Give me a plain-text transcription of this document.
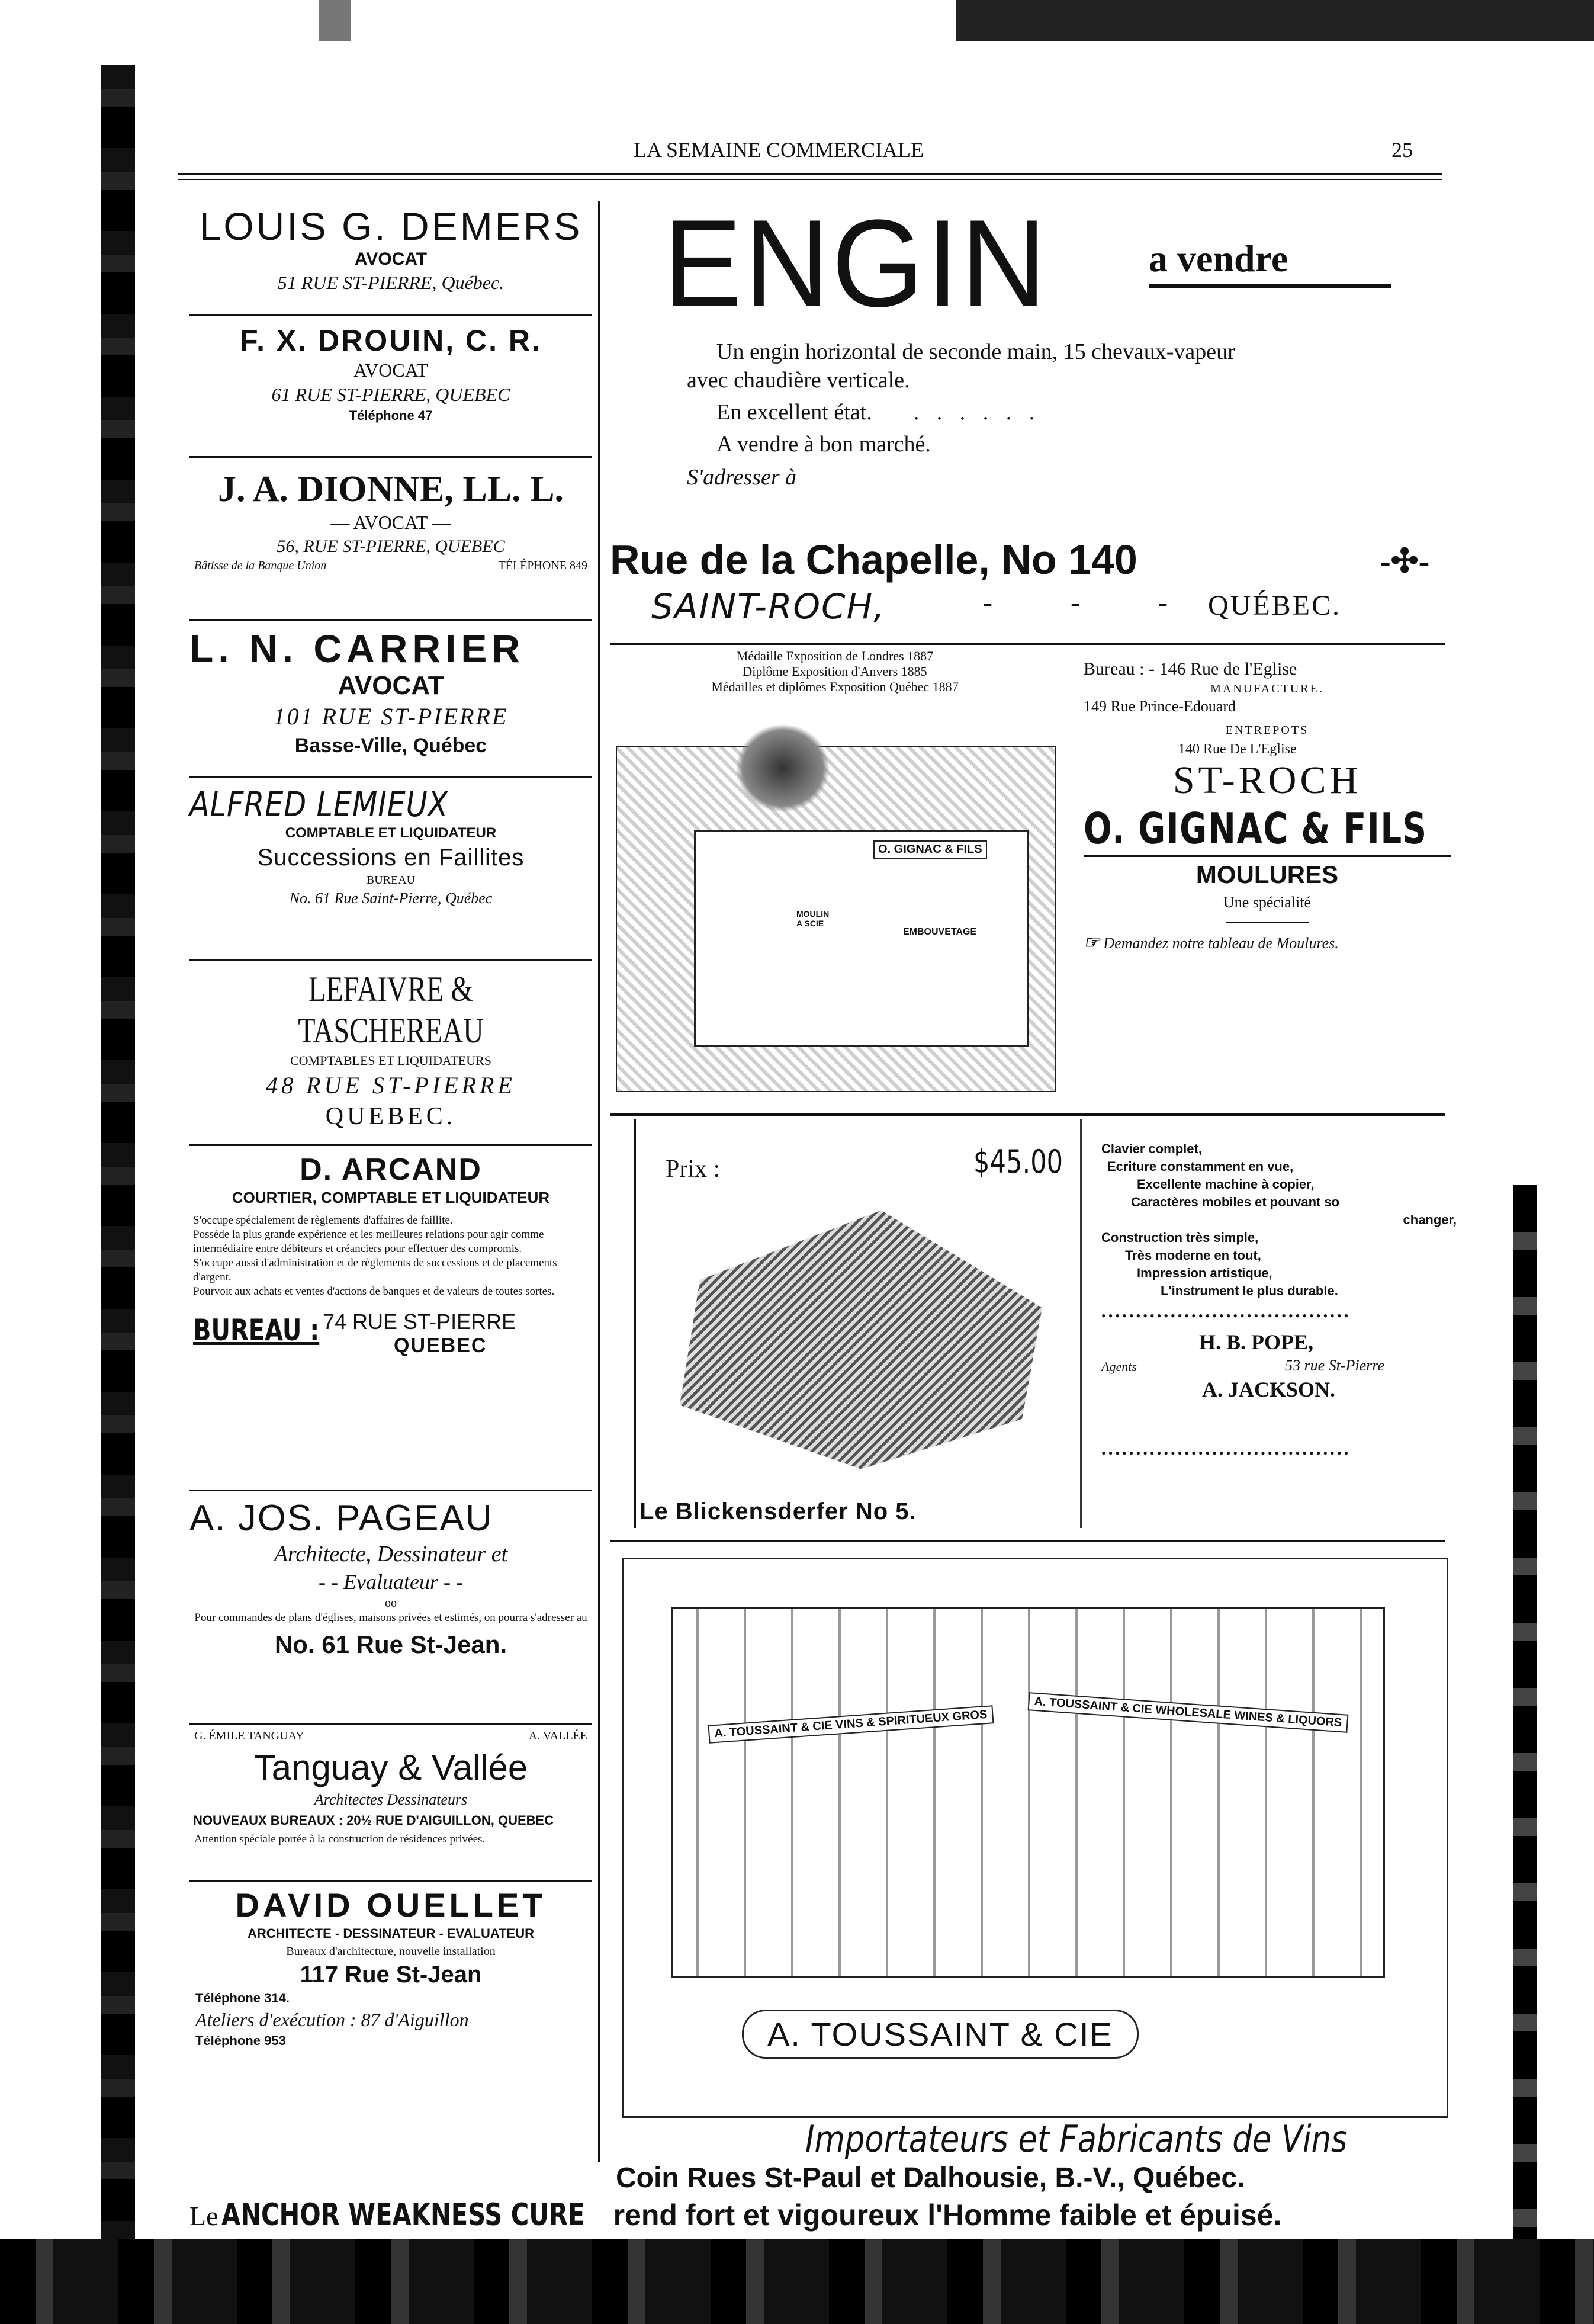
LA SEMAINE COMMERCIALE	25
LOUIS G. DEMERS
AVOCAT
51 RUE ST-PIERRE, Québec.
F. X. DROUIN, C. R.
AVOCAT
61 RUE ST-PIERRE, QUEBEC
Téléphone 47
J. A. DIONNE, LL. L.
— AVOCAT —
56, RUE ST-PIERRE, QUEBEC
Bâtisse de la Banque Union	TÉLÉPHONE 849
L. N. CARRIER
AVOCAT
101 RUE ST-PIERRE
Basse-Ville, Québec
ALFRED LEMIEUX
COMPTABLE ET LIQUIDATEUR
Successions en Faillites
BUREAU
No. 61 Rue Saint-Pierre, Québec
LEFAIVRE & TASCHEREAU
COMPTABLES ET LIQUIDATEURS
48 RUE ST-PIERRE
QUEBEC.
D. ARCAND
COURTIER, COMPTABLE ET LIQUIDATEUR
S'occupe spécialement de règlements d'affaires de faillite.
Possède la plus grande expérience et les meilleures relations pour agir comme intermédiaire entre débiteurs et créanciers pour effectuer des compromis.
S'occupe aussi d'administration et de règlements de successions et de placements d'argent.
Pourvoit aux achats et ventes d'actions de banques et de valeurs de toutes sortes.
BUREAU : 74 RUE ST-PIERRE
QUEBEC
A. JOS. PAGEAU
Architecte, Dessinateur et
- - Evaluateur - -
———oo———
Pour commandes de plans d'églises, maisons privées et estimés, on pourra s'adresser au
No. 61 Rue St-Jean.
G. ÉMILE TANGUAY	A. VALLÉE
Tanguay & Vallée
Architectes Dessinateurs
NOUVEAUX BUREAUX : 20½ RUE D'AIGUILLON, QUEBEC
Attention spéciale portée à la construction de résidences privées.
DAVID OUELLET
ARCHITECTE - DESSINATEUR - EVALUATEUR
Bureaux d'architecture, nouvelle installation
117 Rue St-Jean
Téléphone 314.
Ateliers d'exécution : 87 d'Aiguillon
Téléphone 953
ENGIN	a vendre
Un engin horizontal de seconde main, 15 chevaux-vapeur
avec chaudière verticale.
En excellent état. . . . . . .
A vendre à bon marché.
S'adresser à
Rue de la Chapelle, No 140	-✣-
SAINT-ROCH,	- - - QUÉBEC.
Médaille Exposition de Londres 1887
Diplôme Exposition d'Anvers 1885
Médailles et diplômes Exposition Québec 1887
O. GIGNAC & FILS
MOULIN A SCIE
EMBOUVETAGE
Bureau : - 146 Rue de l'Eglise
MANUFACTURE.
149 Rue Prince-Edouard
ENTREPOTS
140 Rue De L'Eglise
ST-ROCH
O. GIGNAC & FILS
MOULURES
Une spécialité
☞ Demandez notre tableau de Moulures.
Prix :	$45.00
Le Blickensderfer No 5.
Clavier complet,
Ecriture constamment en vue,
Excellente machine à copier,
Caractères mobiles et pouvant so
changer,
Construction très simple,
Très moderne en tout,
Impression artistique,
L'instrument le plus durable.
••••••••••••••••••••••••••••••••••••
Agents
H. B. POPE,
53 rue St-Pierre
A. JACKSON.
••••••••••••••••••••••••••••••••••••
A. TOUSSAINT & CIE VINS & SPIRITUEUX GROS	A. TOUSSAINT & CIE WHOLESALE WINES & LIQUORS
A. TOUSSAINT & CIE
Importateurs et Fabricants de Vins
Coin Rues St-Paul et Dalhousie, B.-V., Québec.
Le ANCHOR WEAKNESS CURE rend fort et vigoureux l'Homme faible et épuisé.
